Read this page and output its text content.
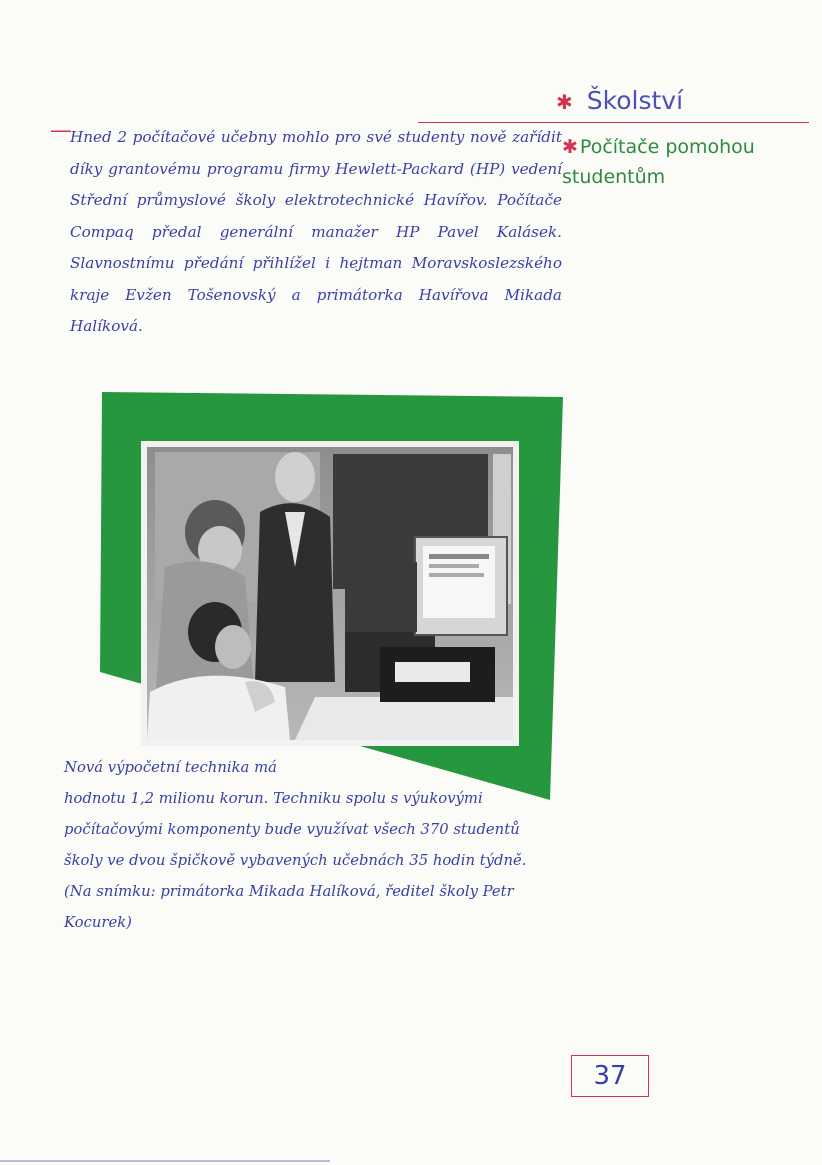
✱ Školství
✱ Počítače pomohou studentům
—
Hned 2 počítačové učebny mohlo pro své studenty nově zařídit díky grantovému programu firmy Hewlett-Packard (HP) vedení Střední průmyslové školy elektrotechnické Havířov. Počítače Compaq předal generální manažer HP Pavel Kalásek. Slavnostnímu předání přihlížel i hejtman Moravskoslezského kraje Evžen Tošenovský a primátorka Havířova Mikada Halíková.
Nová výpočetní technika má
hodnotu 1,2 milionu korun. Techniku spolu s výukovými počítačovými komponenty bude využívat všech 370 studentů školy ve dvou špičkově vybavených učebnách 35 hodin týdně.
(Na snímku: primátorka Mikada Halíková, ředitel školy Petr Kocurek)
37
